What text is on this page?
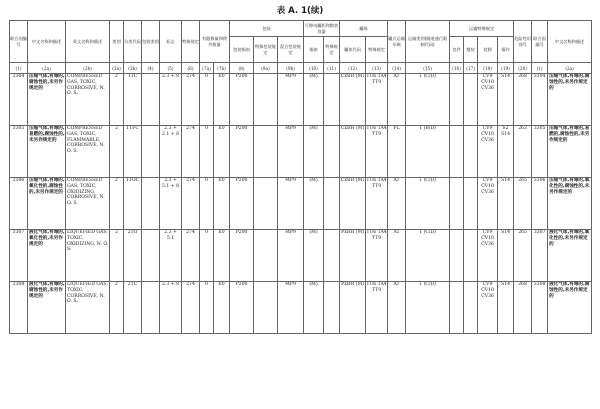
表 A. 1(续)
联合国编号	中文名称和描述	英文名称和描述	类别	分类代码	包装类别	标志	特殊规定	有限数量和例外数量		包装			可移动罐柜和散装容器		罐体		罐式运输车辆	运输类别(隧道通行限制代码)	运输特殊规定				危险性识别号	联合国编号	中文名称和描述
										包装指南	特殊包装规定	混合包装规定	指南	特殊规定	罐体代码	特殊规定			包件	散装	装卸	操作			
(1)	(2a)	(2b)	(3a)	(3b)	(4)	(5)	(6)	(7a)	(7b)	(8)	(9a)	(9b)	(10)	(11)	(12)	(13)	(14)	(15)	(16)	(17)	(18)	(19)	(20)	(1)	(2a)
3304	压缩气体,有毒的,腐蚀性的,未另作规定的	COMPRESSED GAS, TOXIC, CORROSIVE, N. O. S.	2	1TC		2.3 + 8	274	0	E0	P200		MP9	(M)		CxBH (M)	TU6 TA4 TT9	AT	1 (C/D)			CV9 CV10 CV36	S14	268	3304	压缩气体,有毒的,腐蚀性的,未另作规定的
3305	压缩气体,有毒的,易燃的,腐蚀性的,未另作规定的	COMPRESSED GAS, TOXIC, FLAMMABLE, CORROSIVE, N. O. S.	2	1TFC		2.3 + 2.1 + 8	274	0	E0	P200		MP9	(M)		CxBH (M)	TU6 TA4 TT9	FL	1 (B/D)			CV9 CV10 CV36	S2 S14	263	3305	压缩气体,有毒的,易燃的,腐蚀性的,未另作规定的
3306	压缩气体,有毒的,氧化性的,腐蚀性的,未另作规定的	COMPRESSED GAS, TOXIC, OXIDIZING, CORROSIVE, N. O. S.	2	1TOC		2.3 + 5.1 + 8	274	0	E0	P200		MP9	(M)		CxBH (M)	TU6 TA4 TT9	AT	1 (C/D)			CV9 CV10 CV36	S14	265	3306	压缩气体,有毒的,氧化性的,腐蚀性的,未另作规定的
3307	液化气体,有毒的,氧化性的,未另作规定的	LIQUEFIED GAS, TOXIC, OXIDIZING, N. O. S.	2	2TO		2.3 + 5.1	274	0	E0	P200		MP9	(M)		PxBH (M)	TU6 TA4 TT9	AT	1 (C/D)			CV9 CV10 CV36	S14	265	3307	液化气体,有毒的,氧化性的,未另作规定的
3308	液化气体,有毒的,腐蚀性的,未另作规定的	LIQUEFIED GAS, TOXIC, CORROSIVE, N. O. S.	2	2TC		2.3 + 8	274	0	E0	P200		MP9	(M)		PxBH (M)	TU6 TA4 TT9	AT	1 (C/D)			CV9 CV10 CV36	S14	268	3308	液化气体,有毒的,腐蚀性的,未另作规定的
